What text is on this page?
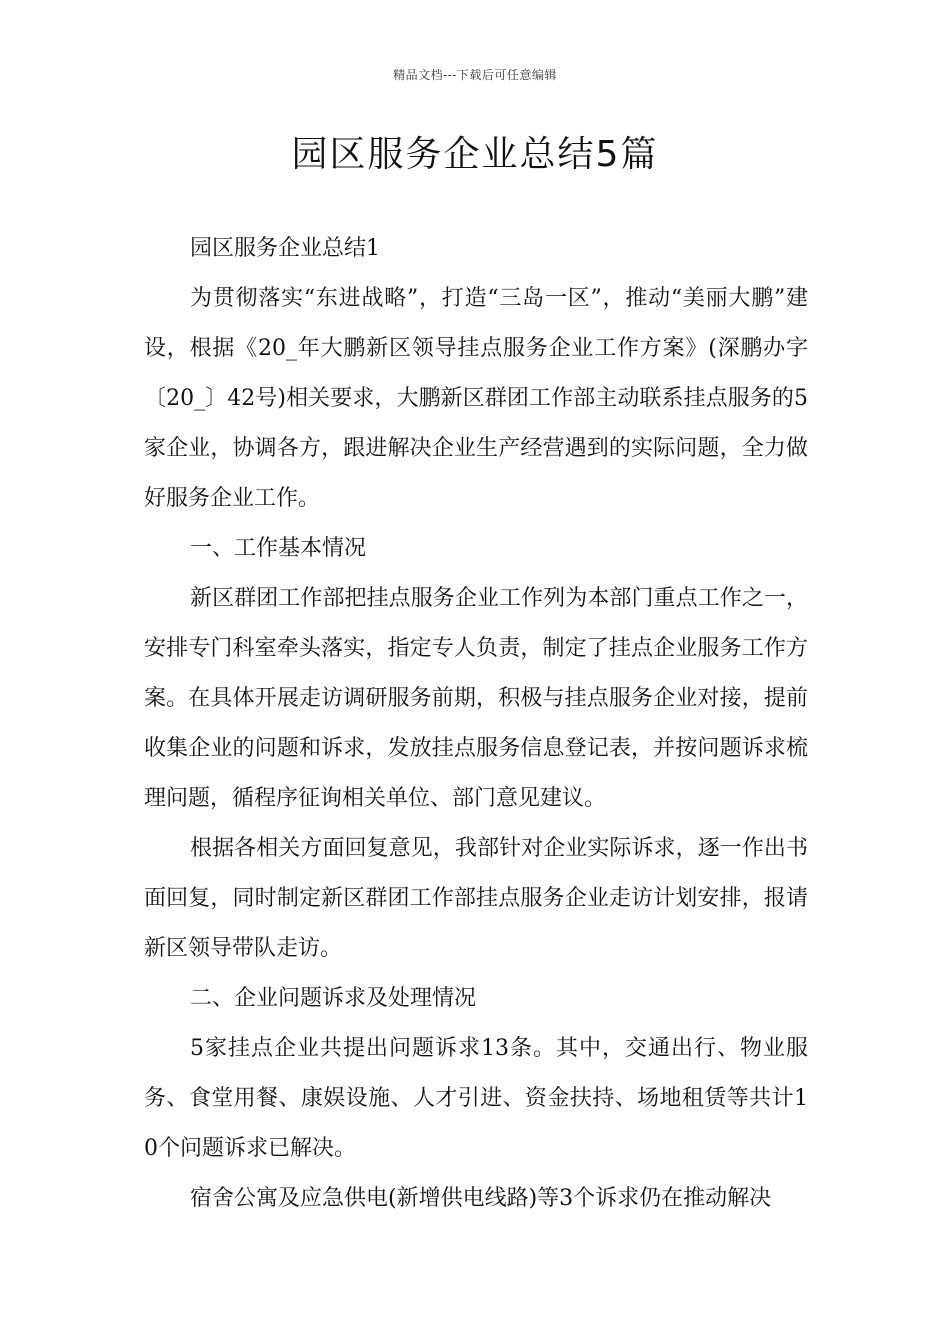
精品文档---下载后可任意编辑
园区服务企业总结5篇

园区服务企业总结1

为贯彻落实“东进战略”，打造“三岛一区”，推动“美丽大鹏”建设，根据《20_年大鹏新区领导挂点服务企业工作方案》(深鹏办字〔20_〕42号)相关要求，大鹏新区群团工作部主动联系挂点服务的5家企业，协调各方，跟进解决企业生产经营遇到的实际问题，全力做好服务企业工作。

一、工作基本情况

新区群团工作部把挂点服务企业工作列为本部门重点工作之一，安排专门科室牵头落实，指定专人负责，制定了挂点企业服务工作方案。在具体开展走访调研服务前期，积极与挂点服务企业对接，提前收集企业的问题和诉求，发放挂点服务信息登记表，并按问题诉求梳理问题，循程序征询相关单位、部门意见建议。

根据各相关方面回复意见，我部针对企业实际诉求，逐一作出书面回复，同时制定新区群团工作部挂点服务企业走访计划安排，报请新区领导带队走访。

二、企业问题诉求及处理情况

5家挂点企业共提出问题诉求13条。其中，交通出行、物业服务、食堂用餐、康娱设施、人才引进、资金扶持、场地租赁等共计10个问题诉求已解决。

宿舍公寓及应急供电(新增供电线路)等3个诉求仍在推动解决
